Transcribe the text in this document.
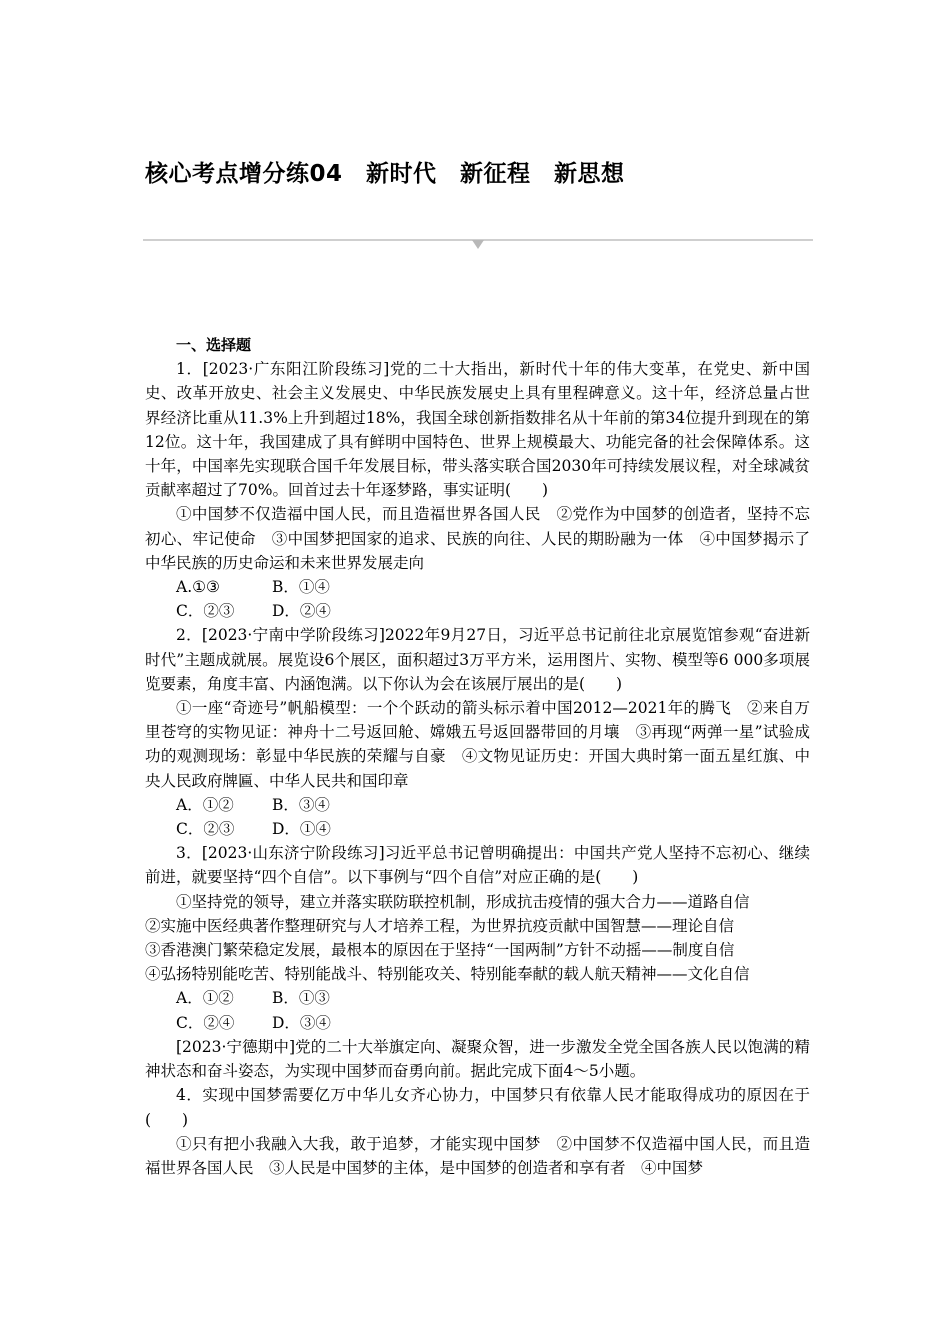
核心考点增分练04　新时代　新征程　新思想

一、选择题

1．[2023·广东阳江阶段练习]党的二十大指出，新时代十年的伟大变革，在党史、新中国史、改革开放史、社会主义发展史、中华民族发展史上具有里程碑意义。这十年，经济总量占世界经济比重从11.3%上升到超过18%，我国全球创新指数排名从十年前的第34位提升到现在的第12位。这十年，我国建成了具有鲜明中国特色、世界上规模最大、功能完备的社会保障体系。这十年，中国率先实现联合国千年发展目标，带头落实联合国2030年可持续发展议程，对全球减贫贡献率超过了70%。回首过去十年逐梦路，事实证明(　　)

①中国梦不仅造福中国人民，而且造福世界各国人民　②党作为中国梦的创造者，坚持不忘初心、牢记使命　③中国梦把国家的追求、民族的向往、人民的期盼融为一体　④中国梦揭示了中华民族的历史命运和未来世界发展走向

A.①③	B．①④

C．②③ D．②④

2．[2023·宁南中学阶段练习]2022年9月27日，习近平总书记前往北京展览馆参观“奋进新时代”主题成就展。展览设6个展区，面积超过3万平方米，运用图片、实物、模型等6 000多项展览要素，角度丰富、内涵饱满。以下你认为会在该展厅展出的是(　　)

①一座“奇迹号”帆船模型：一个个跃动的箭头标示着中国2012—2021年的腾飞　②来自万里苍穹的实物见证：神舟十二号返回舱、嫦娥五号返回器带回的月壤　③再现“两弹一星”试验成功的观测现场：彰显中华民族的荣耀与自豪　④文物见证历史：开国大典时第一面五星红旗、中央人民政府牌匾、中华人民共和国印章

A．①② B．③④

C．②③ D．①④

3．[2023·山东济宁阶段练习]习近平总书记曾明确提出：中国共产党人坚持不忘初心、继续前进，就要坚持“四个自信”。以下事例与“四个自信”对应正确的是(　　)

①坚持党的领导，建立并落实联防联控机制，形成抗击疫情的强大合力——道路自信

②实施中医经典著作整理研究与人才培养工程，为世界抗疫贡献中国智慧——理论自信

③香港澳门繁荣稳定发展，最根本的原因在于坚持“一国两制”方针不动摇——制度自信

④弘扬特别能吃苦、特别能战斗、特别能攻关、特别能奉献的载人航天精神——文化自信

A．①② B．①③

C．②④ D．③④

[2023·宁德期中]党的二十大举旗定向、凝聚众智，进一步激发全党全国各族人民以饱满的精神状态和奋斗姿态，为实现中国梦而奋勇向前。据此完成下面4～5小题。

4．实现中国梦需要亿万中华儿女齐心协力，中国梦只有依靠人民才能取得成功的原因在于(　　)

①只有把小我融入大我，敢于追梦，才能实现中国梦　②中国梦不仅造福中国人民，而且造福世界各国人民　③人民是中国梦的主体，是中国梦的创造者和享有者　④中国梦
